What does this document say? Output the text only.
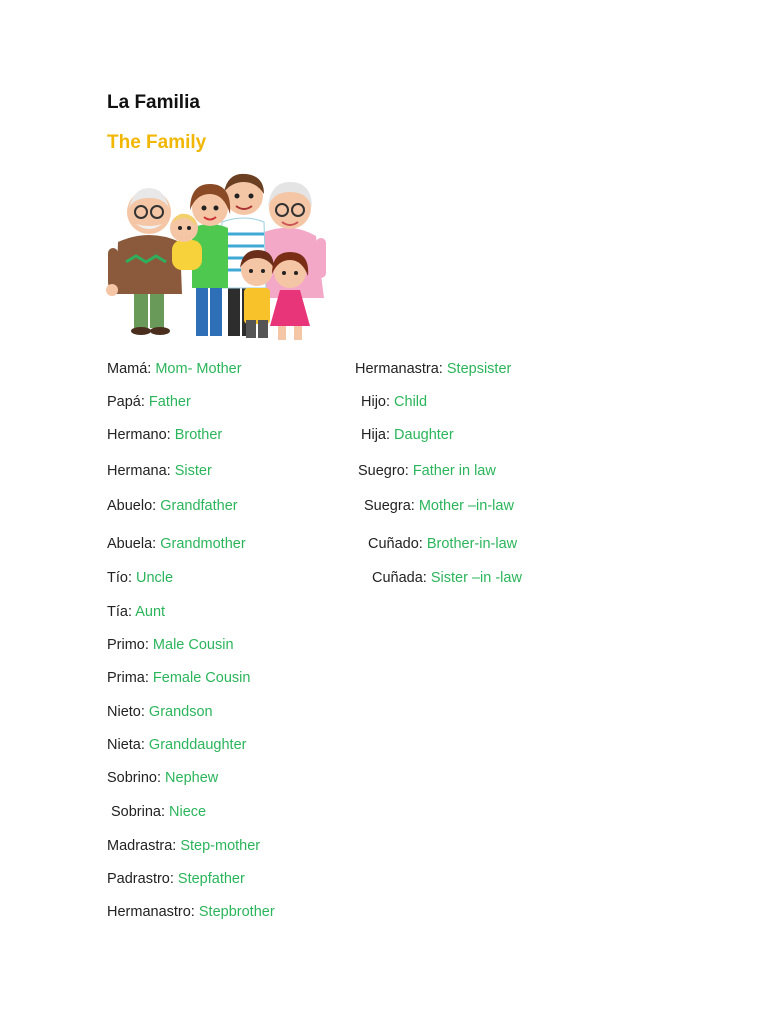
La Familia
The Family

Mamá: Mom- Mother

Papá: Father

Hermano: Brother

Hermana: Sister

Abuelo: Grandfather

Abuela: Grandmother

Tío: Uncle

Tía: Aunt

Primo: Male Cousin

Prima: Female Cousin

Nieto: Grandson

Nieta: Granddaughter

Sobrino: Nephew

Sobrina: Niece

Madrastra: Step-mother

Padrastro: Stepfather

Hermanastro: Stepbrother

Hermanastra: Stepsister

Hijo: Child

Hija: Daughter

Suegro: Father in law

Suegra: Mother –in-law

Cuñado: Brother-in-law

Cuñada: Sister –in -law
